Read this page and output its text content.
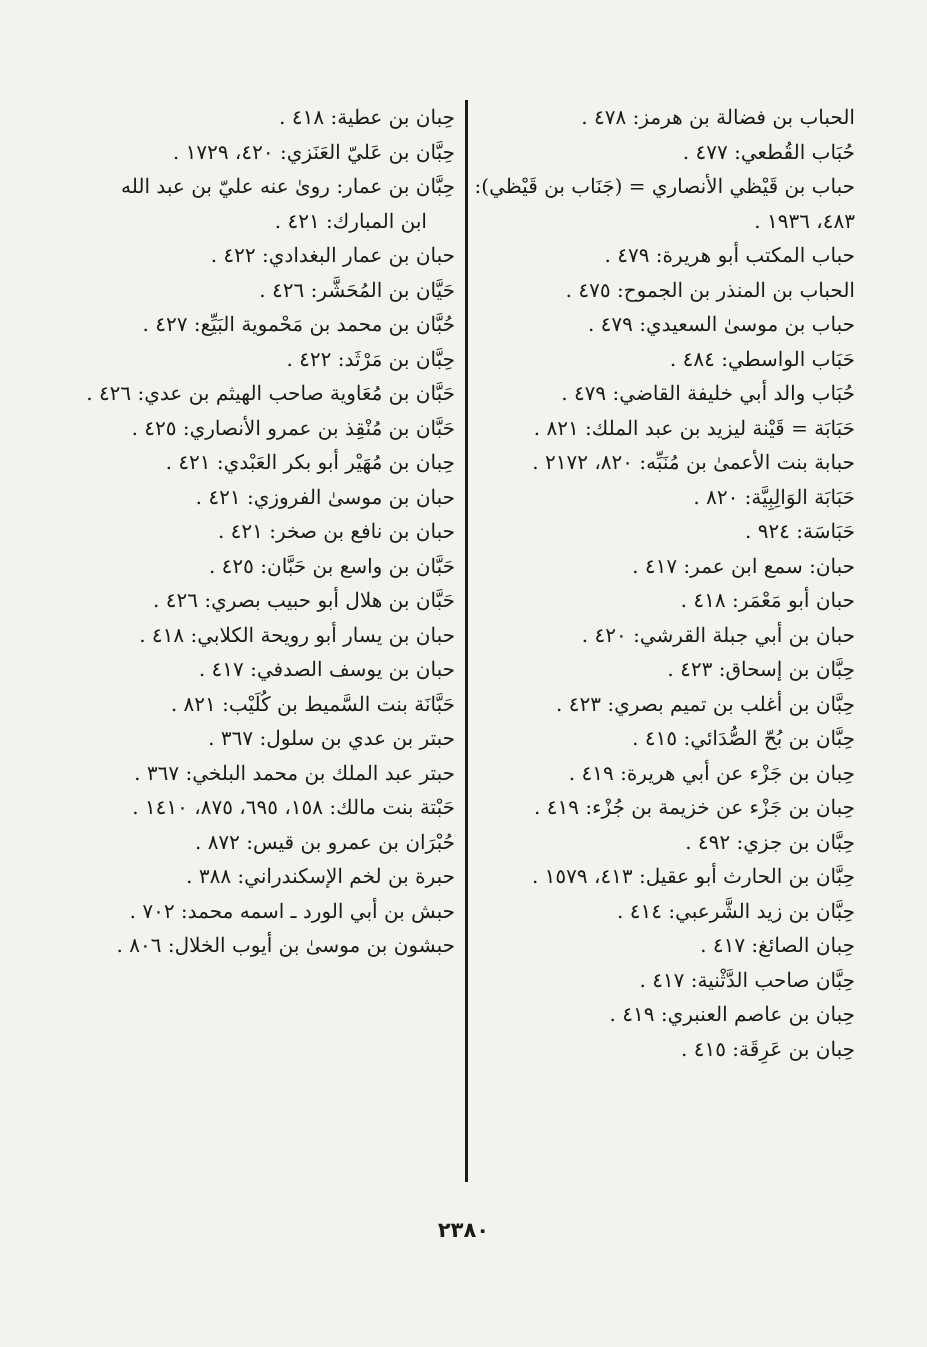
الحباب بن فضالة بن هرمز: ٤٧٨ .
حُبَاب القُطعي: ٤٧٧ .
حباب بن قَيْظي الأنصاري = (جَنَاب بن قَيْظي): ٤٨٣، ١٩٣٦ .
حباب المكتب أبو هريرة: ٤٧٩ .
الحباب بن المنذر بن الجموح: ٤٧٥ .
حباب بن موسىٰ السعيدي: ٤٧٩ .
حَبَاب الواسطي: ٤٨٤ .
حُبَاب والد أبي خليفة القاضي: ٤٧٩ .
حَبَابَة = قَيْنة ليزيد بن عبد الملك: ٨٢١ .
حبابة بنت الأعمىٰ بن مُنَبِّه: ٨٢٠، ٢١٧٢ .
حَبَابَة الوَالِبِيَّة: ٨٢٠ .
حَبَاسَة: ٩٢٤ .
حبان: سمع ابن عمر: ٤١٧ .
حبان أبو مَعْمَر: ٤١٨ .
حبان بن أبي جبلة القرشي: ٤٢٠ .
حِبَّان بن إسحاق: ٤٢٣ .
حِبَّان بن أغلب بن تميم بصري: ٤٢٣ .
حِبَّان بن بُحّ الصُّدَائي: ٤١٥ .
حِبان بن جَزْء عن أبي هريرة: ٤١٩ .
حِبان بن جَزْء عن خزيمة بن جُزْء: ٤١٩ .
حِبَّان بن جزي: ٤٩٢ .
حِبَّان بن الحارث أبو عقيل: ٤١٣، ١٥٧٩ .
حِبَّان بن زيد الشَّرعبي: ٤١٤ .
حِبان الصائغ: ٤١٧ .
حِبَّان صاحب الدَّثْنية: ٤١٧ .
حِبان بن عاصم العنبري: ٤١٩ .
حِبان بن عَرِقَة: ٤١٥ .
حِبان بن عطية: ٤١٨ .
حِبَّان بن عَليّ العَنَزي: ٤٢٠، ١٧٢٩ .
حِبَّان بن عمار: روىٰ عنه عليّ بن عبد الله
ابن المبارك: ٤٢١ .
حبان بن عمار البغدادي: ٤٢٢ .
حَيَّان بن المُحَشَّر: ٤٢٦ .
حُبَّان بن محمد بن مَحْموية البَيِّع: ٤٢٧ .
حِبَّان بن مَرْثَد: ٤٢٢ .
حَبَّان بن مُعَاوية صاحب الهيثم بن عدي: ٤٢٦ .
حَبَّان بن مُنْقِذ بن عمرو الأنصاري: ٤٢٥ .
حِبان بن مُهَيْر أبو بكر العَبْدي: ٤٢١ .
حبان بن موسىٰ الفروزي: ٤٢١ .
حبان بن نافع بن صخر: ٤٢١ .
حَبَّان بن واسع بن حَبَّان: ٤٢٥ .
حَبَّان بن هلال أبو حبيب بصري: ٤٢٦ .
حبان بن يسار أبو رويحة الكلابي: ٤١٨ .
حبان بن يوسف الصدفي: ٤١٧ .
حَبَّانَة بنت السَّميط بن كُلَيْب: ٨٢١ .
حبتر بن عدي بن سلول: ٣٦٧ .
حبتر عبد الملك بن محمد البلخي: ٣٦٧ .
حَبْتة بنت مالك: ١٥٨، ٦٩٥، ٨٧٥، ١٤١٠ .
حُبْرَان بن عمرو بن قيس: ٨٧٢ .
حبرة بن لخم الإسكندراني: ٣٨٨ .
حبش بن أبي الورد ـ اسمه محمد: ٧٠٢ .
حبشون بن موسىٰ بن أيوب الخلال: ٨٠٦ .
٢٣٨٠
